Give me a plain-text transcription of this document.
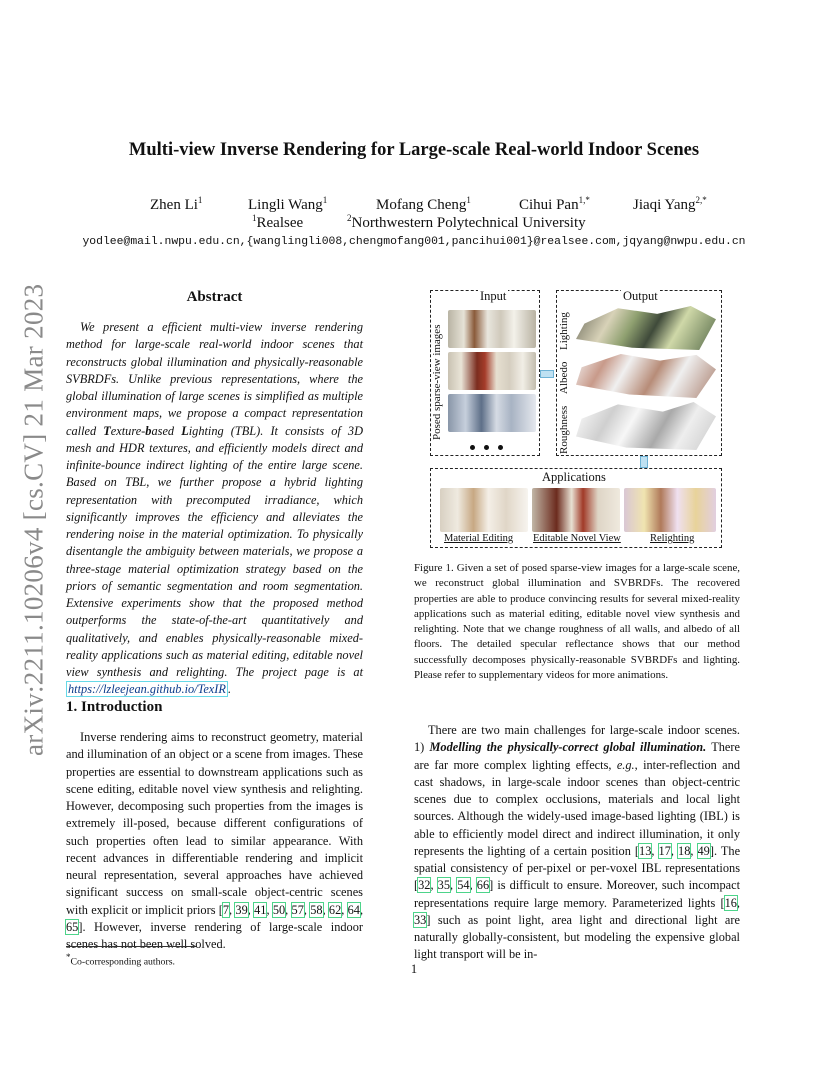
arXiv:2211.10206v4 [cs.CV] 21 Mar 2023
Multi-view Inverse Rendering for Large-scale Real-world Indoor Scenes
Zhen Li$^1$	Lingli Wang$^1$	Mofang Cheng$^1$	Cihui Pan$^{1,*}$	Jiaqi Yang$^{2,*}$
$^1$Realsee	$^2$Northwestern Polytechnical University
yodlee@mail.nwpu.edu.cn,{wanglingli008,chengmofang001,pancihui001}@realsee.com,jqyang@nwpu.edu.cn
Abstract
We present a efficient multi-view inverse rendering method for large-scale real-world indoor scenes that reconstructs global illumination and physically-reasonable SVBRDFs. Unlike previous representations, where the global illumination of large scenes is simplified as multiple environment maps, we propose a compact representation called Texture-based Lighting (TBL). It consists of 3D mesh and HDR textures, and efficiently models direct and infinite-bounce indirect lighting of the entire large scene. Based on TBL, we further propose a hybrid lighting representation with precomputed irradiance, which significantly improves the efficiency and alleviates the rendering noise in the material optimization. To physically disentangle the ambiguity between materials, we propose a three-stage material optimization strategy based on the priors of semantic segmentation and room segmentation. Extensive experiments show that the proposed method outperforms the state-of-the-art quantitatively and qualitatively, and enables physically-reasonable mixed-reality applications such as material editing, editable novel view synthesis and relighting. The project page is at https://lzleejean.github.io/TexIR .
1. Introduction
Inverse rendering aims to reconstruct geometry, material and illumination of an object or a scene from images. These properties are essential to downstream applications such as scene editing, editable novel view synthesis and relighting. However, decomposing such properties from the images is extremely ill-posed, because different configurations of such properties often lead to similar appearance. With recent advances in differentiable rendering and implicit neural representation, several approaches have achieved significant success on small-scale object-centric scenes with explicit or implicit priors [7, 39, 41, 50, 57, 58, 62, 64, 65]. However, inverse rendering of large-scale indoor scenes has not been well solved.
*Co-corresponding authors.
Input
Posed sparse-view images
Output
Lighting
Albedo
Roughness
Applications
Material Editing Editable Novel View	Relighting
Figure 1. Given a set of posed sparse-view images for a large-scale scene, we reconstruct global illumination and SVBRDFs. The recovered properties are able to produce convincing results for several mixed-reality applications such as material editing, editable novel view synthesis and relighting. Note that we change roughness of all walls, and albedo of all floors. The detailed specular reflectance shows that our method successfully decomposes physically-reasonable SVBRDFs and lighting. Please refer to supplementary videos for more animations.
There are two main challenges for large-scale indoor scenes. 1) Modelling the physically-correct global illumination. There are far more complex lighting effects, e.g., inter-reflection and cast shadows, in large-scale indoor scenes than object-centric scenes due to complex occlusions, materials and local light sources. Although the widely-used image-based lighting (IBL) is able to efficiently model direct and indirect illumination, it only represents the lighting of a certain position [13, 17, 18, 49]. The spatial consistency of per-pixel or per-voxel IBL representations [32, 35, 54, 66] is difficult to ensure. Moreover, such incompact representations require large memory. Parameterized lights [16, 33] such as point light, area light and directional light are naturally globally-consistent, but modeling the expensive global light transport will be in-
1
